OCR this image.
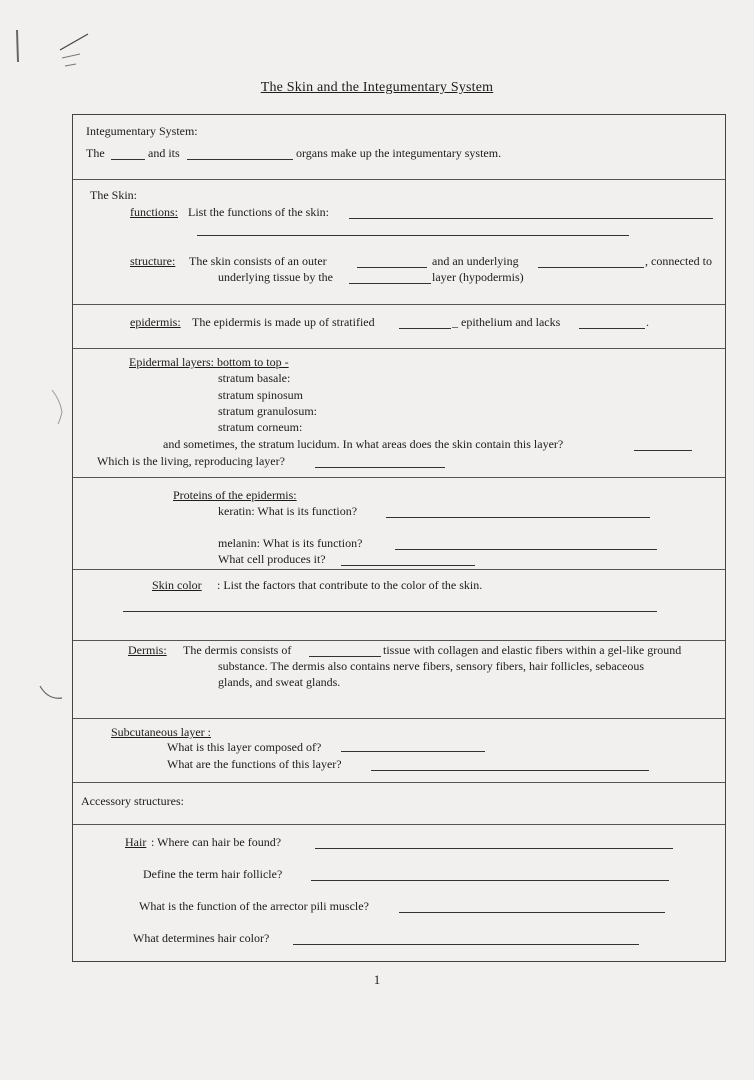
The Skin and the Integumentary System
Integumentary System:
The	and its	organs make up the integumentary system.
The Skin:
functions: List the functions of the skin:
structure: The skin consists of an outer	and an underlying	, connected to
underlying tissue by the	layer (hypodermis)
epidermis: The epidermis is made up of stratified	_ epithelium and lacks	.
Epidermal layers: bottom to top -
stratum basale:
stratum spinosum
stratum granulosum:
stratum corneum:
and sometimes, the stratum lucidum. In what areas does the skin contain this layer?
Which is the living, reproducing layer?
Proteins of the epidermis:
keratin: What is its function?
melanin: What is its function?
What cell produces it?
Skin color : List the factors that contribute to the color of the skin.
Dermis: The dermis consists of	tissue with collagen and elastic fibers within a gel-like ground
substance. The dermis also contains nerve fibers, sensory fibers, hair follicles, sebaceous
glands, and sweat glands.
Subcutaneous layer :
What is this layer composed of?
What are the functions of this layer?
Accessory structures:
Hair : Where can hair be found?
Define the term hair follicle?
What is the function of the arrector pili muscle?
What determines hair color?
1
